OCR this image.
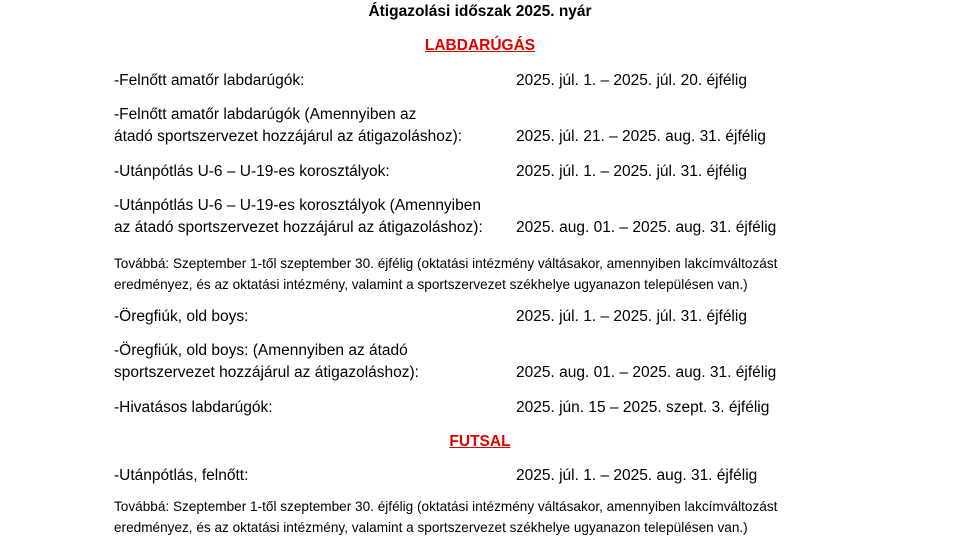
Átigazolási időszak 2025. nyár
LABDARÚGÁS
-Felnőtt amatőr labdarúgók:	2025. júl. 1. – 2025. júl. 20. éjfélig
-Felnőtt amatőr labdarúgók (Amennyiben az
átadó sportszervezet hozzájárul az átigazoláshoz):	2025. júl. 21. – 2025. aug. 31. éjfélig
-Utánpótlás U-6 – U-19-es korosztályok:	2025. júl. 1. – 2025. júl. 31. éjfélig
-Utánpótlás U-6 – U-19-es korosztályok (Amennyiben
az átadó sportszervezet hozzájárul az átigazoláshoz): 2025. aug. 01. – 2025. aug. 31. éjfélig
Továbbá: Szeptember 1-től szeptember 30. éjfélig (oktatási intézmény váltásakor, amennyiben lakcímváltozást
eredményez, és az oktatási intézmény, valamint a sportszervezet székhelye ugyanazon településen van.)
-Öregfiúk, old boys:	2025. júl. 1. – 2025. júl. 31. éjfélig
-Öregfiúk, old boys: (Amennyiben az átadó
sportszervezet hozzájárul az átigazoláshoz):	2025. aug. 01. – 2025. aug. 31. éjfélig
-Hivatásos labdarúgók:	2025. jún. 15 – 2025. szept. 3. éjfélig
FUTSAL
-Utánpótlás, felnőtt:	2025. júl. 1. – 2025. aug. 31. éjfélig
Továbbá: Szeptember 1-től szeptember 30. éjfélig (oktatási intézmény váltásakor, amennyiben lakcímváltozást
eredményez, és az oktatási intézmény, valamint a sportszervezet székhelye ugyanazon településen van.)
